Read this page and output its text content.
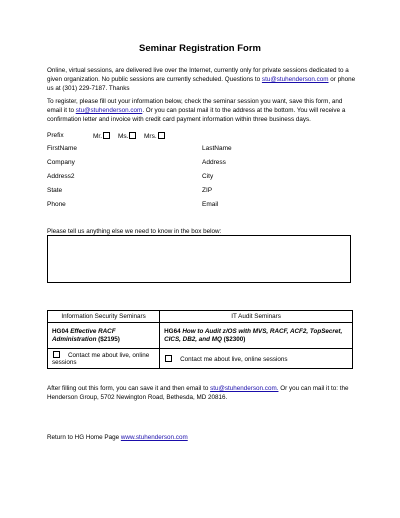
Seminar Registration Form
Online, virtual sessions, are delivered live over the Internet, currently only for private sessions dedicated to a given organization. No public sessions are currently scheduled. Questions to stu@stuhenderson.com or phone us at (301) 229-7187. Thanks
To register, please fill out your information below, check the seminar session you want, save this form, and email it to stu@stuhenderson.com. Or you can postal mail it to the address at the bottom. You will receive a confirmation letter and invoice with credit card payment information within three business days.
Prefix	Mr.	Ms.	Mrs.
FirstName	LastName
Company	Address
Address2	City
State	ZIP
Phone	Email
Please tell us anything else we need to know in the box below:
Information Security Seminars	IT Audit Seminars
HG04 Effective RACF Administration ($2195)	HG64 How to Audit z/OS with MVS, RACF, ACF2, TopSecret, CICS, DB2, and MQ ($2300)
Contact me about live, online sessions	Contact me about live, online sessions
After filling out this form, you can save it and then email to stu@stuhenderson.com. Or you can mail it to: the Henderson Group, 5702 Newington Road, Bethesda, MD 20816.
Return to HG Home Page www.stuhenderson.com
